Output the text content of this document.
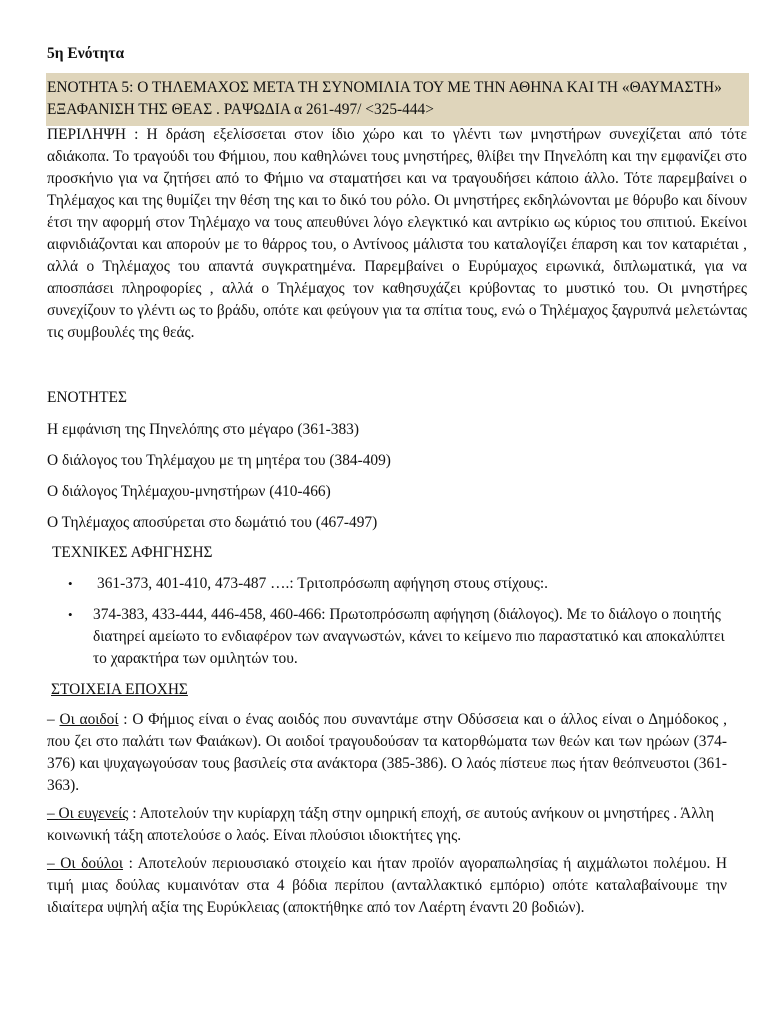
5η Ενότητα
ΕΝΟΤΗΤΑ 5: Ο ΤΗΛΕΜΑΧΟΣ ΜΕΤΑ ΤΗ ΣΥΝΟΜΙΛΙΑ ΤΟΥ ΜΕ ΤΗΝ ΑΘΗΝΑ ΚΑΙ ΤΗ «ΘΑΥΜΑΣΤΗ» ΕΞΑΦΑΝΙΣΗ ΤΗΣ ΘΕΑΣ . ΡΑΨΩΔΙΑ α 261-497/ <325-444>
ΠΕΡΙΛΗΨΗ : Η δράση εξελίσσεται στον ίδιο χώρο και το γλέντι των μνηστήρων συνεχίζεται από τότε αδιάκοπα. Το τραγούδι του Φήμιου, που καθηλώνει τους μνηστήρες, θλίβει την Πηνελόπη και την εμφανίζει στο προσκήνιο για να ζητήσει από το Φήμιο να σταματήσει και να τραγουδήσει κάποιο άλλο. Τότε παρεμβαίνει ο Τηλέμαχος και της θυμίζει την θέση της και το δικό του ρόλο. Οι μνηστήρες εκδηλώνονται με θόρυβο και δίνουν έτσι την αφορμή στον Τηλέμαχο να τους απευθύνει λόγο ελεγκτικό και αντρίκιο ως κύριος του σπιτιού. Εκείνοι αιφνιδιάζονται και απορούν με το θάρρος του, ο Αντίνοος μάλιστα του καταλογίζει έπαρση και τον καταριέται , αλλά ο Τηλέμαχος του απαντά συγκρατημένα. Παρεμβαίνει ο Ευρύμαχος ειρωνικά, διπλωματικά, για να αποσπάσει πληροφορίες , αλλά ο Τηλέμαχος τον καθησυχάζει κρύβοντας το μυστικό του. Οι μνηστήρες συνεχίζουν το γλέντι ως το βράδυ, οπότε και φεύγουν για τα σπίτια τους, ενώ ο Τηλέμαχος ξαγρυπνά μελετώντας τις συμβουλές της θεάς.
ΕΝΟΤΗΤΕΣ
Η εμφάνιση της Πηνελόπης στο μέγαρο (361-383)
Ο διάλογος του Τηλέμαχου με τη μητέρα του (384-409)
Ο διάλογος Τηλέμαχου-μνηστήρων (410-466)
Ο Τηλέμαχος αποσύρεται στο δωμάτιό του (467-497)
ΤΕΧΝΙΚΕΣ ΑΦΗΓΗΣΗΣ
• 361-373, 401-410, 473-487 ….: Τριτοπρόσωπη αφήγηση στους στίχους:.
• 374-383, 433-444, 446-458, 460-466: Πρωτοπρόσωπη αφήγηση (διάλογος). Με το διάλογο ο ποιητής διατηρεί αμείωτο το ενδιαφέρον των αναγνωστών, κάνει το κείμενο πιο παραστατικό και αποκαλύπτει το χαρακτήρα των ομιλητών του.
ΣΤΟΙΧΕΙΑ ΕΠΟΧΗΣ
– Οι αοιδοί : Ο Φήμιος είναι ο ένας αοιδός που συναντάμε στην Οδύσσεια και ο άλλος είναι ο Δημόδοκος , που ζει στο παλάτι των Φαιάκων). Οι αοιδοί τραγουδούσαν τα κατορθώματα των θεών και των ηρώων (374-376) και ψυχαγωγούσαν τους βασιλείς στα ανάκτορα (385-386). Ο λαός πίστευε πως ήταν θεόπνευστοι (361-363).
– Οι ευγενείς : Αποτελούν την κυρίαρχη τάξη στην ομηρική εποχή, σε αυτούς ανήκουν οι μνηστήρες . Άλλη κοινωνική τάξη αποτελούσε ο λαός. Είναι πλούσιοι ιδιοκτήτες γης.
– Οι δούλοι : Αποτελούν περιουσιακό στοιχείο και ήταν προϊόν αγοραπωλησίας ή αιχμάλωτοι πολέμου. Η τιμή μιας δούλας κυμαινόταν στα 4 βόδια περίπου (ανταλλακτικό εμπόριο) οπότε καταλαβαίνουμε την ιδιαίτερα υψηλή αξία της Ευρύκλειας (αποκτήθηκε από τον Λαέρτη έναντι 20 βοδιών).
